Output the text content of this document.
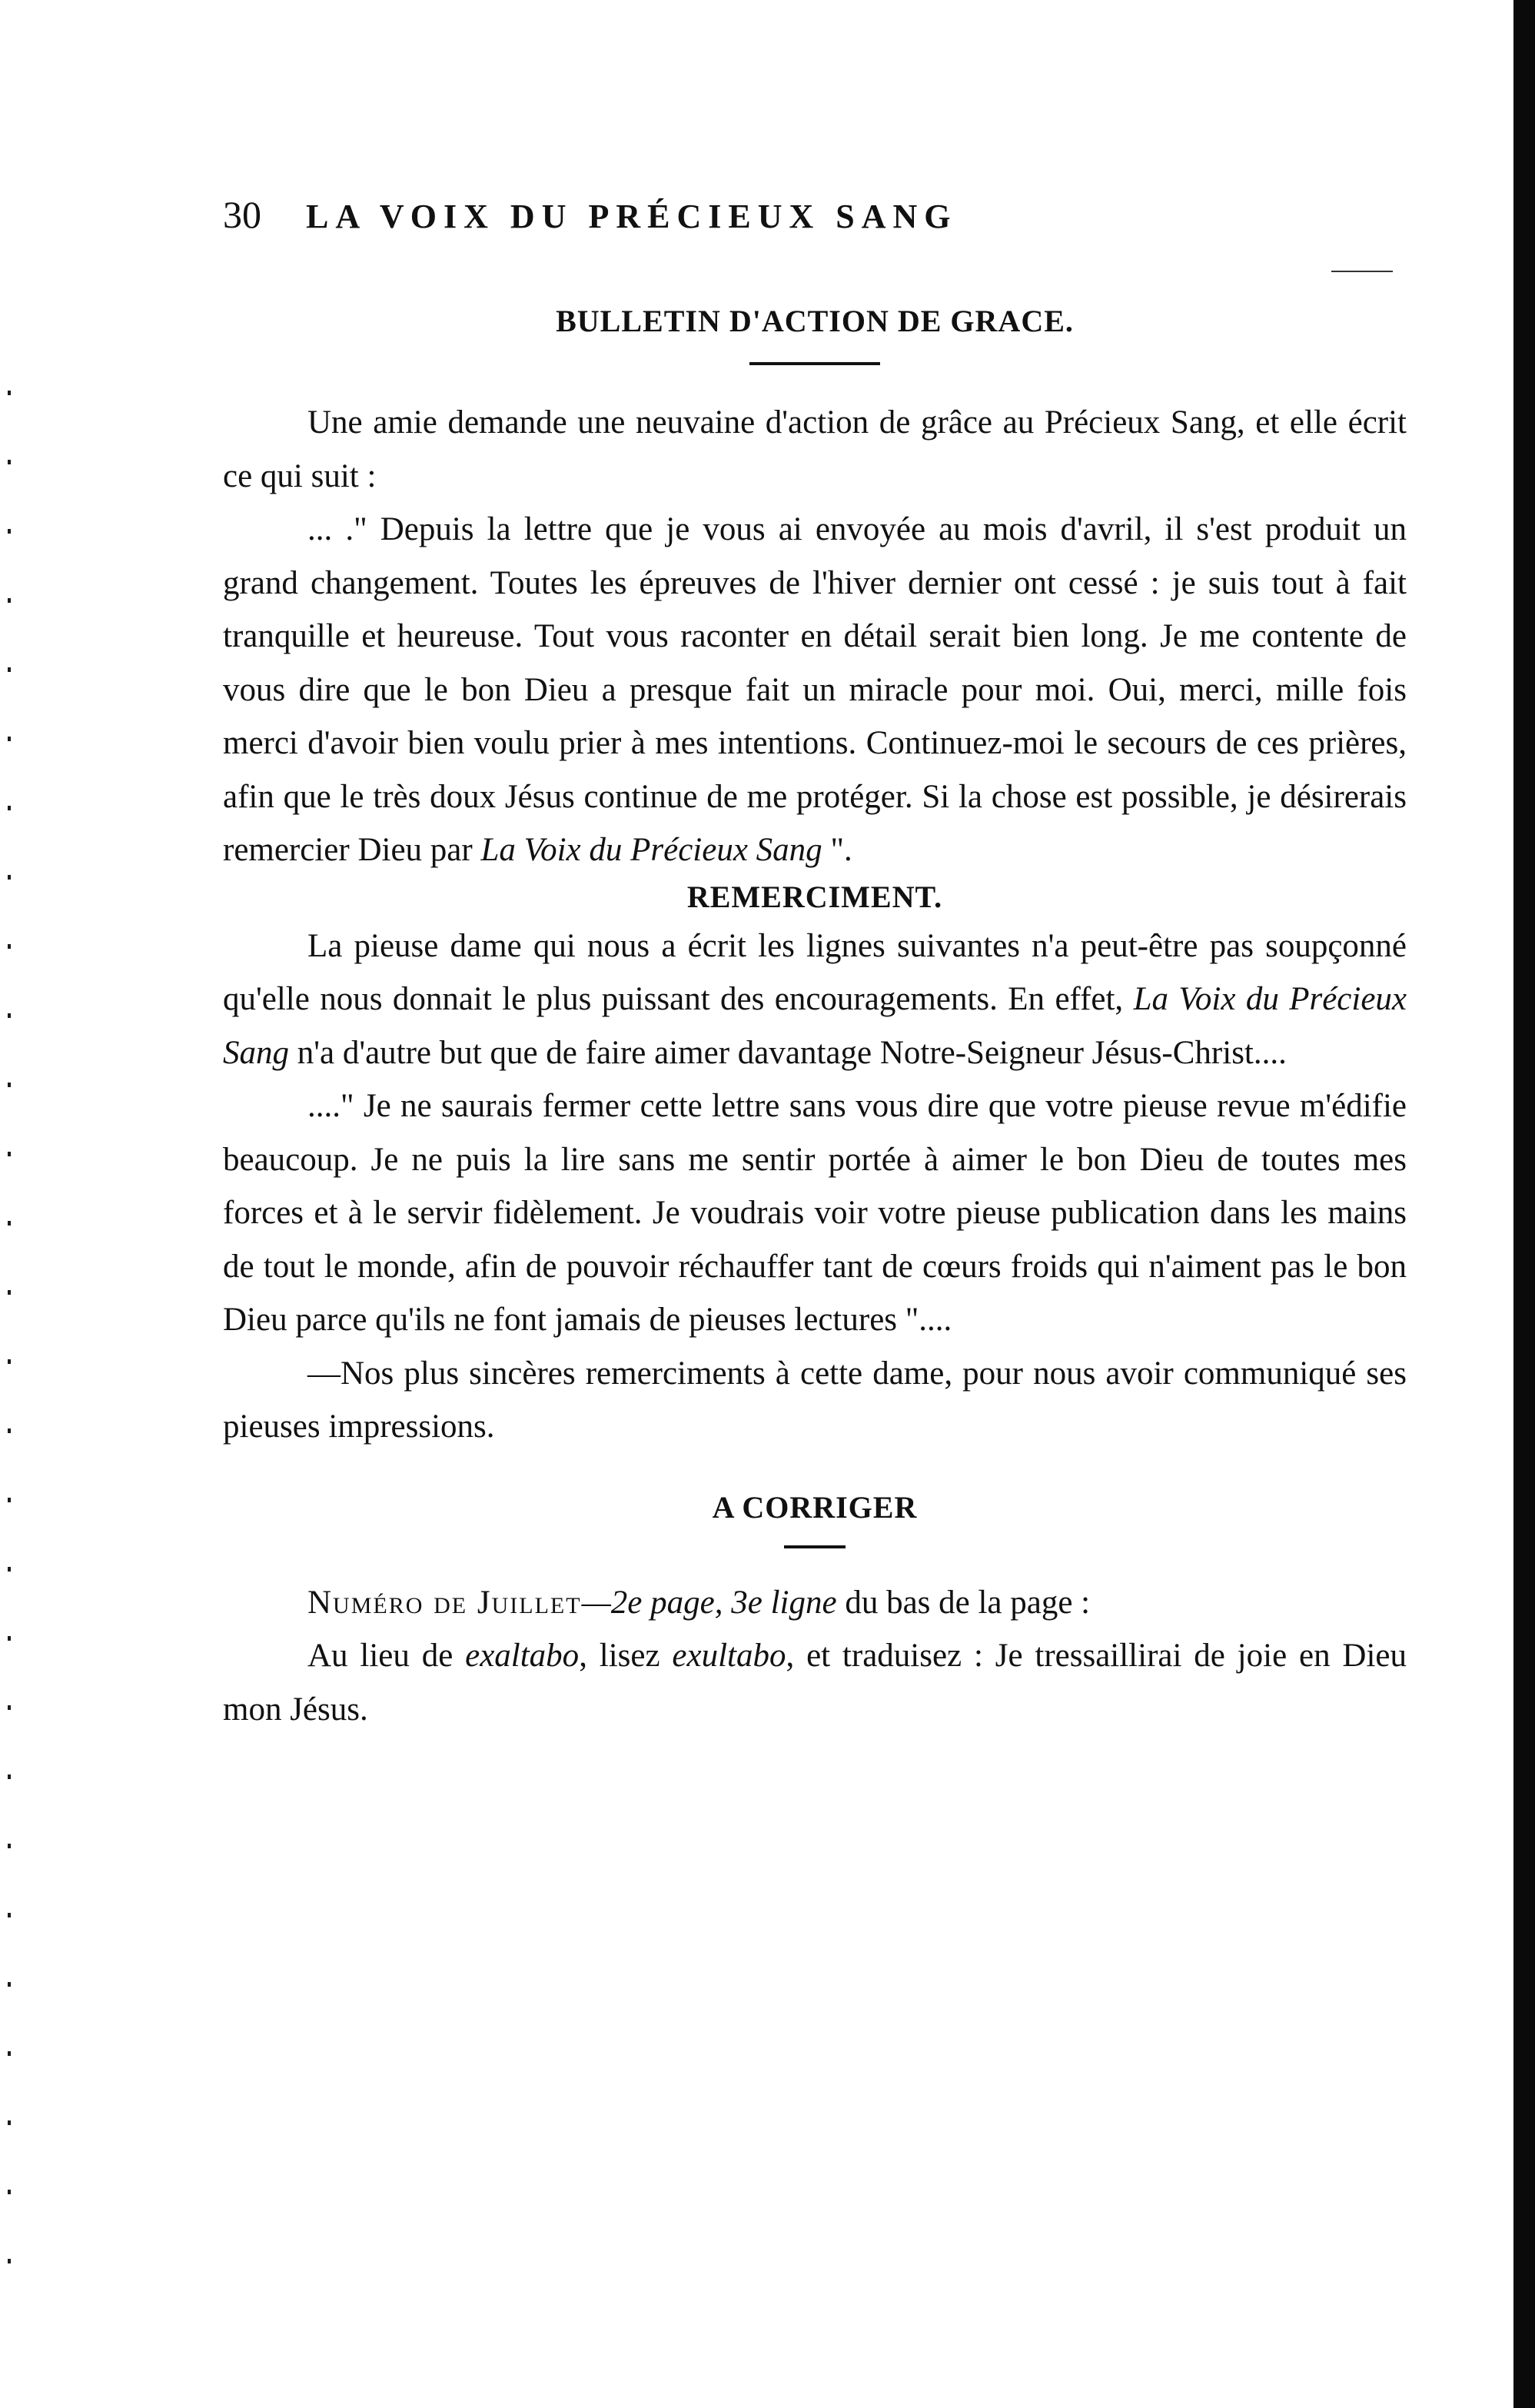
30	LA VOIX DU PRÉCIEUX SANG
BULLETIN D'ACTION DE GRACE.

Une amie demande une neuvaine d'action de grâce au Précieux Sang, et elle écrit ce qui suit :

... ." Depuis la lettre que je vous ai envoyée au mois d'avril, il s'est produit un grand changement. Toutes les épreuves de l'hiver dernier ont cessé : je suis tout à fait tranquille et heureuse. Tout vous raconter en détail serait bien long. Je me contente de vous dire que le bon Dieu a presque fait un miracle pour moi. Oui, merci, mille fois merci d'avoir bien voulu prier à mes intentions. Continuez-moi le secours de ces prières, afin que le très doux Jésus continue de me protéger. Si la chose est possible, je désirerais remercier Dieu par La Voix du Précieux Sang ".

REMERCIMENT.

La pieuse dame qui nous a écrit les lignes suivantes n'a peut-être pas soupçonné qu'elle nous donnait le plus puissant des encouragements. En effet, La Voix du Précieux Sang n'a d'autre but que de faire aimer davantage Notre-Seigneur Jésus-Christ....

...." Je ne saurais fermer cette lettre sans vous dire que votre pieuse revue m'édifie beaucoup. Je ne puis la lire sans me sentir portée à aimer le bon Dieu de toutes mes forces et à le servir fidèlement. Je voudrais voir votre pieuse publication dans les mains de tout le monde, afin de pouvoir réchauffer tant de cœurs froids qui n'aiment pas le bon Dieu parce qu'ils ne font jamais de pieuses lectures "....

—Nos plus sincères remerciments à cette dame, pour nous avoir communiqué ses pieuses impressions.

A CORRIGER

Numéro de Juillet—2e page, 3e ligne du bas de la page :

Au lieu de exaltabo, lisez exultabo, et traduisez : Je tressaillirai de joie en Dieu mon Jésus.
